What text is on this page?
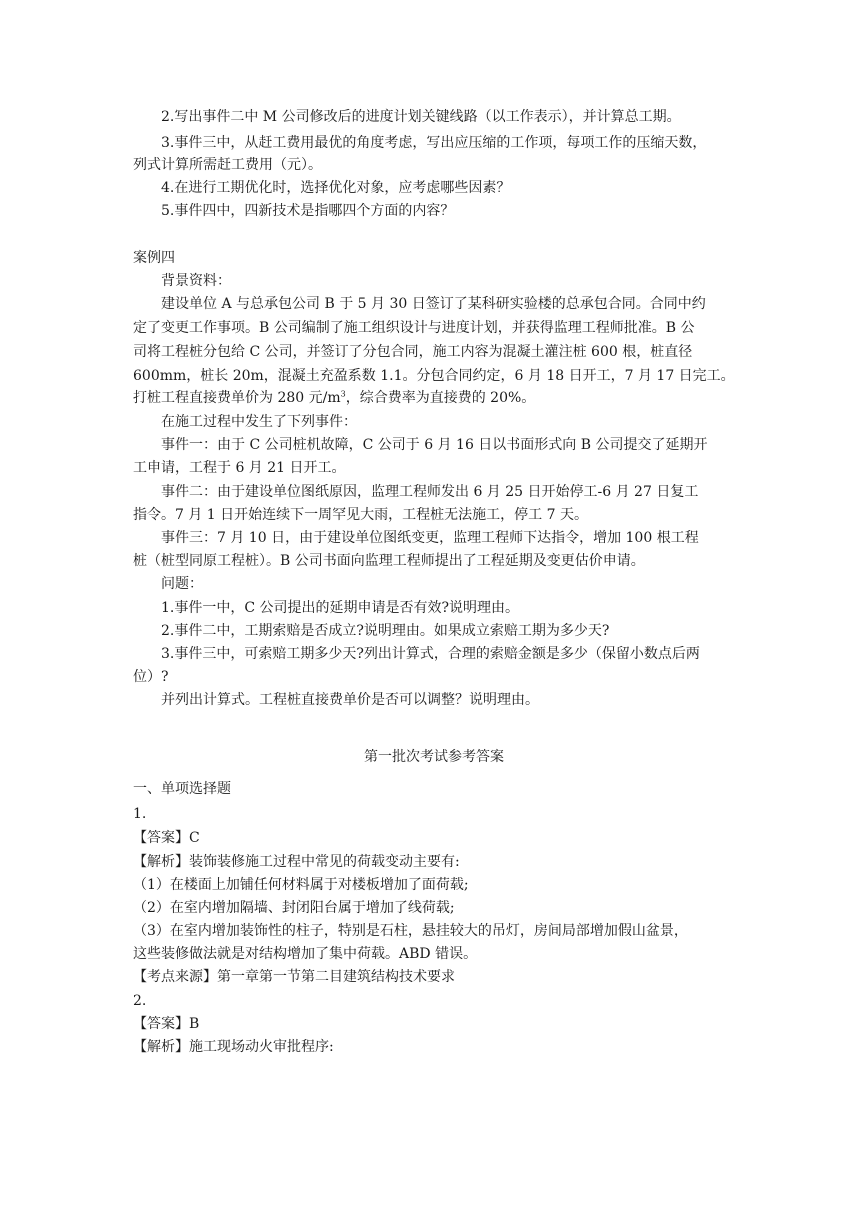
2.写出事件二中 M 公司修改后的进度计划关键线路（以工作表示），并计算总工期。
3.事件三中，从赶工费用最优的角度考虑，写出应压缩的工作项，每项工作的压缩天数，
列式计算所需赶工费用（元）。
4.在进行工期优化时，选择优化对象，应考虑哪些因素？
5.事件四中，四新技术是指哪四个方面的内容？
案例四
背景资料：
建设单位 A 与总承包公司 B 于 5 月 30 日签订了某科研实验楼的总承包合同。合同中约
定了变更工作事项。B 公司编制了施工组织设计与进度计划，并获得监理工程师批准。B 公
司将工程桩分包给 C 公司，并签订了分包合同，施工内容为混凝土灌注桩 600 根，桩直径
600mm，桩长 20m，混凝土充盈系数 1.1。分包合同约定，6 月 18 日开工，7 月 17 日完工。
打桩工程直接费单价为 280 元$/m^3$，综合费率为直接费的 20%。
在施工过程中发生了下列事件：
事件一：由于 C 公司桩机故障，C 公司于 6 月 16 日以书面形式向 B 公司提交了延期开
工申请，工程于 6 月 21 日开工。
事件二：由于建设单位图纸原因，监理工程师发出 6 月 25 日开始停工-6 月 27 日复工
指令。7 月 1 日开始连续下一周罕见大雨，工程桩无法施工，停工 7 天。
事件三：7 月 10 日，由于建设单位图纸变更，监理工程师下达指令，增加 100 根工程
桩（桩型同原工程桩）。B 公司书面向监理工程师提出了工程延期及变更估价申请。
问题：
1.事件一中，C 公司提出的延期申请是否有效?说明理由。
2.事件二中，工期索赔是否成立?说明理由。如果成立索赔工期为多少天?
3.事件三中，可索赔工期多少天?列出计算式，合理的索赔金额是多少（保留小数点后两
位）?
并列出计算式。工程桩直接费单价是否可以调整？说明理由。
第一批次考试参考答案
一、单项选择题
1.
【答案】C
【解析】装饰装修施工过程中常见的荷载变动主要有:
（1）在楼面上加铺任何材料属于对楼板增加了面荷载;
（2）在室内增加隔墙、封闭阳台属于增加了线荷载;
（3）在室内增加装饰性的柱子，特别是石柱，悬挂较大的吊灯，房间局部增加假山盆景，
这些装修做法就是对结构增加了集中荷载。ABD 错误。
【考点来源】第一章第一节第二目建筑结构技术要求
2.
【答案】B
【解析】施工现场动火审批程序:
